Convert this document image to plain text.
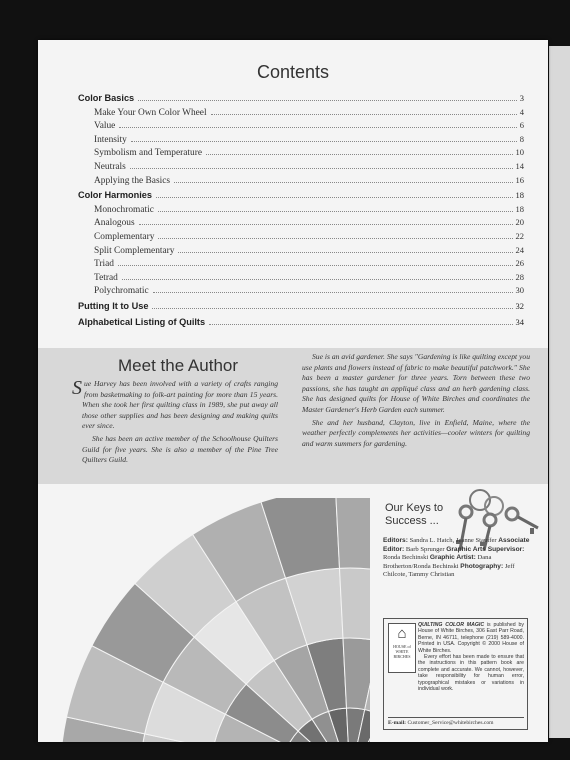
Contents
Color Basics	3
Make Your Own Color Wheel	4
Value	6
Intensity	8
Symbolism and Temperature	10
Neutrals	14
Applying the Basics	16
Color Harmonies	18
Monochromatic	18
Analogous	20
Complementary	22
Split Complementary	24
Triad	26
Tetrad	28
Polychromatic	30
Putting It to Use	32
Alphabetical Listing of Quilts	34
Meet the Author

Sue Harvey has been involved with a variety of crafts ranging from basketmaking to folk-art painting for more than 15 years. When she took her first quilting class in 1989, she put away all those other supplies and has been designing and making quilts ever since.

She has been an active member of the Schoolhouse Quilters Guild for five years. She is also a member of the Pine Tree Quilters Guild.

Sue is an avid gardener. She says "Gardening is like quilting except you use plants and flowers instead of fabric to make beautiful patchwork." She has been a master gardener for three years. Torn between these two passions, she has taught an appliqué class and an herb gardening class. She has designed quilts for House of White Birches and coordinates the Master Gardener's Herb Garden each summer.

She and her husband, Clayton, live in Enfield, Maine, where the weather perfectly complements her activities—cooler winters for quilting and warm summers for gardening.

Our Keys to
Success ...
Editors: Sandra L. Hatch, Jeanne Stauffer Associate Editor: Barb Sprunger Graphic Arts Supervisor: Ronda Bechinski Graphic Artist: Dana Brotherton/Ronda Bechinski Photography: Jeff Chilcote, Tammy Christian
⌂
HOUSE of WHITE BIRCHES
QUILTING COLOR MAGIC is published by House of White Birches, 306 East Parr Road, Berne, IN 46711, telephone (219) 589-4000. Printed in USA. Copyright © 2000 House of White Birches.
Every effort has been made to ensure that the instructions in this pattern book are complete and accurate. We cannot, however, take responsibility for human error, typographical mistakes or variations in individual work.
E-mail: Customer_Service@whitebirches.com
